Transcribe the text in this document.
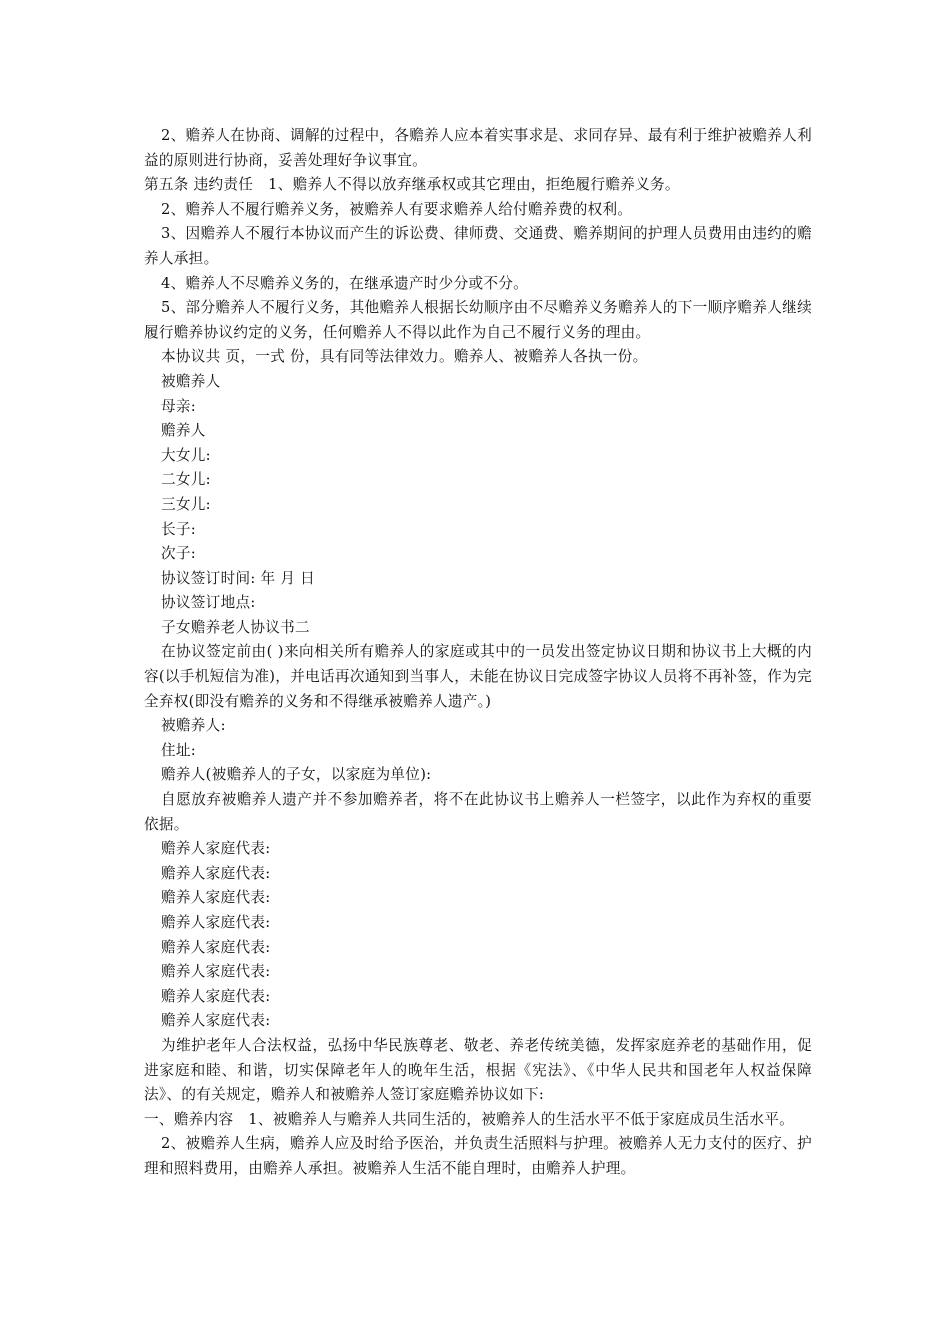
2、赡养人在协商、调解的过程中，各赡养人应本着实事求是、求同存异、最有利于维护被赡养人利益的原则进行协商，妥善处理好争议事宜。

第五条 违约责任　1、赡养人不得以放弃继承权或其它理由，拒绝履行赡养义务。

2、赡养人不履行赡养义务，被赡养人有要求赡养人给付赡养费的权利。

3、因赡养人不履行本协议而产生的诉讼费、律师费、交通费、赡养期间的护理人员费用由违约的赡养人承担。

4、赡养人不尽赡养义务的，在继承遗产时少分或不分。

5、部分赡养人不履行义务，其他赡养人根据长幼顺序由不尽赡养义务赡养人的下一顺序赡养人继续履行赡养协议约定的义务，任何赡养人不得以此作为自己不履行义务的理由。

本协议共 页，一式 份，具有同等法律效力。赡养人、被赡养人各执一份。

被赡养人

母亲:

赡养人

大女儿:

二女儿:

三女儿:

长子:

次子:

协议签订时间: 年 月 日

协议签订地点:

子女赡养老人协议书二

在协议签定前由( )来向相关所有赡养人的家庭或其中的一员发出签定协议日期和协议书上大概的内容(以手机短信为准)，并电话再次通知到当事人，未能在协议日完成签字协议人员将不再补签，作为完全弃权(即没有赡养的义务和不得继承被赡养人遗产。)

被赡养人:

住址:

赡养人(被赡养人的子女，以家庭为单位):

自愿放弃被赡养人遗产并不参加赡养者，将不在此协议书上赡养人一栏签字，以此作为弃权的重要依据。

赡养人家庭代表:

赡养人家庭代表:

赡养人家庭代表:

赡养人家庭代表:

赡养人家庭代表:

赡养人家庭代表:

赡养人家庭代表:

赡养人家庭代表:

为维护老年人合法权益，弘扬中华民族尊老、敬老、养老传统美德，发挥家庭养老的基础作用，促进家庭和睦、和谐，切实保障老年人的晚年生活，根据《宪法》、《中华人民共和国老年人权益保障法》、的有关规定，赡养人和被赡养人签订家庭赡养协议如下:

一、赡养内容　1、被赡养人与赡养人共同生活的，被赡养人的生活水平不低于家庭成员生活水平。

2、被赡养人生病，赡养人应及时给予医治，并负责生活照料与护理。被赡养人无力支付的医疗、护理和照料费用，由赡养人承担。被赡养人生活不能自理时，由赡养人护理。
